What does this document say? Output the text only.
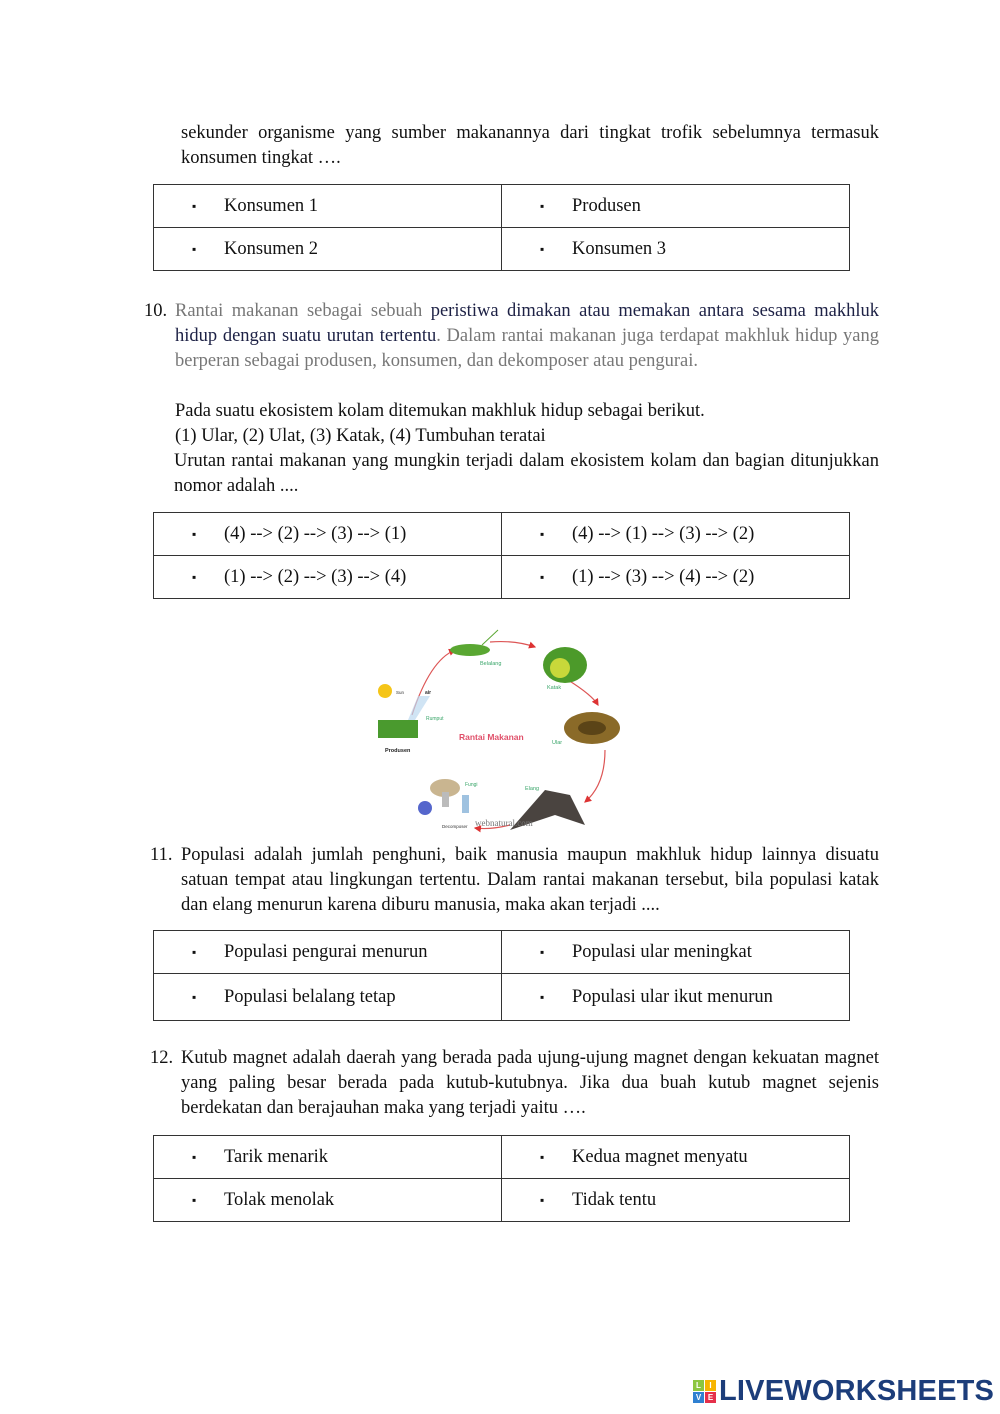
sekunder organisme yang sumber makanannya dari tingkat trofik sebelumnya termasuk konsumen tingkat ….
▪ Konsumen 1	▪ Produsen
▪ Konsumen 2	▪ Konsumen 3
10. Rantai makanan sebagai sebuah peristiwa dimakan atau memakan antara sesama makhluk hidup dengan suatu urutan tertentu. Dalam rantai makanan juga terdapat makhluk hidup yang berperan sebagai produsen, konsumen, dan dekomposer atau pengurai.
Pada suatu ekosistem kolam ditemukan makhluk hidup sebagai berikut.
(1) Ular, (2) Ulat, (3) Katak, (4) Tumbuhan teratai
Urutan rantai makanan yang mungkin terjadi dalam ekosistem kolam dan bagian ditunjukkan nomor adalah ....
▪ (4) --> (2) --> (3) --> (1)	▪ (4) --> (1) --> (3) --> (2)
▪ (1) --> (2) --> (3) --> (4)	▪ (1) --> (3) --> (4) --> (2)
Belalang
Katak
Ular
Elang
Fungi
Decomposer webnatural.com
Produsen
Rumput
Sun	air
Rantai Makanan
11. Populasi adalah jumlah penghuni, baik manusia maupun makhluk hidup lainnya disuatu satuan tempat atau lingkungan tertentu. Dalam rantai makanan tersebut, bila populasi katak dan elang menurun karena diburu manusia, maka akan terjadi ....
▪ Populasi pengurai menurun	▪ Populasi ular meningkat
▪ Populasi belalang tetap	▪ Populasi ular ikut menurun
12. Kutub magnet adalah daerah yang berada pada ujung-ujung magnet dengan kekuatan magnet yang paling besar berada pada kutub-kutubnya. Jika dua buah kutub magnet sejenis berdekatan dan berajauhan maka yang terjadi yaitu ….
▪ Tarik menarik	▪ Kedua magnet menyatu
▪ Tolak menolak	▪ Tidak tentu
L	I
V E LIVEWORKSHEETS
